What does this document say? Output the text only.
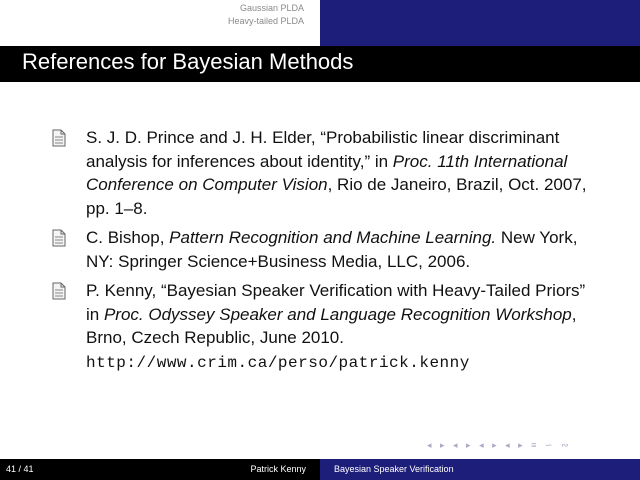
Gaussian PLDA
Heavy-tailed PLDA
Directional scattering
References for Bayesian Methods
S. J. D. Prince and J. H. Elder, “Probabilistic linear discriminant analysis for inferences about identity,” in Proc. 11th International Conference on Computer Vision, Rio de Janeiro, Brazil, Oct. 2007, pp. 1–8.
C. Bishop, Pattern Recognition and Machine Learning. New York, NY: Springer Science+Business Media, LLC, 2006.
P. Kenny, “Bayesian Speaker Verification with Heavy-Tailed Priors” in Proc. Odyssey Speaker and Language Recognition Workshop, Brno, Czech Republic, June 2010.
http://www.crim.ca/perso/patrick.kenny
◂ ▸ ◂ ▸ ◂ ▸ ◂ ▸ ≡ ∽ ∾
41 / 41	Patrick Kenny	Bayesian Speaker Verification
